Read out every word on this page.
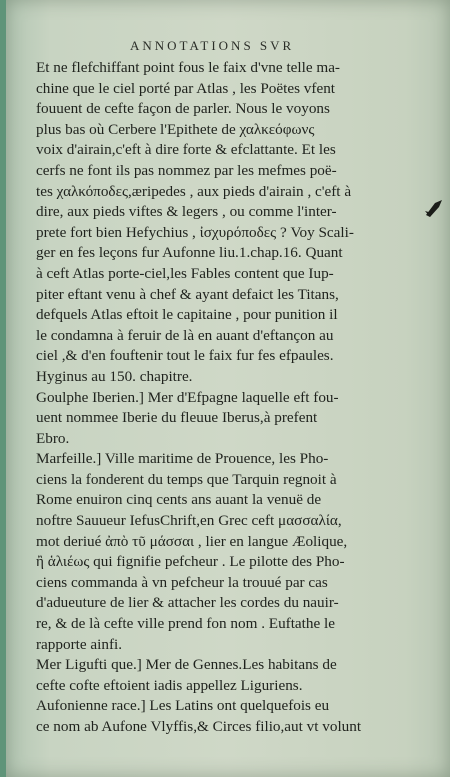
ANNOTATIONS SVR
Et ne flefchiffant point fous le faix d'vne telle ma-
chine que le ciel porté par Atlas , les Poëtes vfent
fouuent de cefte façon de parler. Nous le voyons
plus bas où Cerbere l'Epithete de χαλκεόφωνς
voix d'airain,c'eft à dire forte & efclattante. Et les
cerfs ne font ils pas nommez par les mefmes poë-
tes χαλκόποδες,æripedes , aux pieds d'airain , c'eft à
dire, aux pieds viftes & legers , ou comme l'inter-
prete fort bien Hefychius , ἰσχυρόποδες ? Voy Scali-
ger en fes leçons fur Aufonne liu.1.chap.16. Quant
à ceft Atlas porte-ciel,les Fables content que Iup-
piter eftant venu à chef & ayant defaict les Titans,
defquels Atlas eftoit le capitaine , pour punition il
le condamna à feruir de là en auant d'eftançon au
ciel ,& d'en fouftenir tout le faix fur fes efpaules.
Hyginus au 150. chapitre.
Goulphe Iberien.] Mer d'Efpagne laquelle eft fou-
uent nommee Iberie du fleuue Iberus,à prefent
Ebro.
Marfeille.] Ville maritime de Prouence, les Pho-
ciens la fonderent du temps que Tarquin regnoit à
Rome enuiron cinq cents ans auant la venuë de
noftre Sauueur IefusChrift,en Grec ceft μασσαλία,
mot deriué ἀπὸ τῦ μάσσαι , lier en langue Æolique,
ἢ ἁλιέως qui fignifie pefcheur . Le pilotte des Pho-
ciens commanda à vn pefcheur la trouué par cas
d'adueuture de lier & attacher les cordes du nauir-
re, & de là cefte ville prend fon nom . Euftathe le
rapporte ainfi.
Mer Ligufti que.] Mer de Gennes.Les habitans de
cefte cofte eftoient iadis appellez Liguriens.
Aufonienne race.] Les Latins ont quelquefois eu
ce nom ab Aufone Vlyffis,& Circes filio,aut vt volunt
